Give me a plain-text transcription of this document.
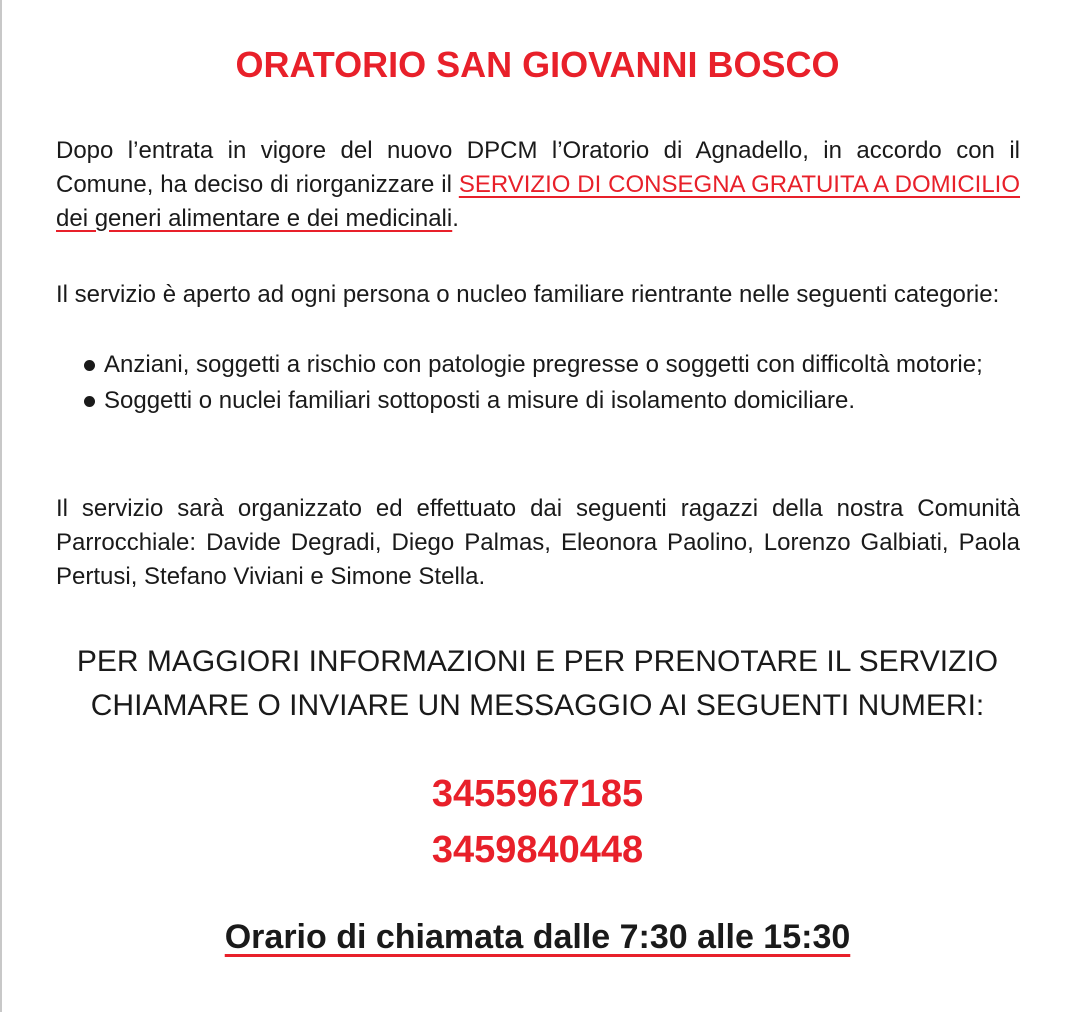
ORATORIO SAN GIOVANNI BOSCO

Dopo l’entrata in vigore del nuovo DPCM l’Oratorio di Agnadello, in accordo con il Comune, ha deciso di riorganizzare il SERVIZIO DI CONSEGNA GRATUITA A DOMICILIO dei generi alimentare e dei medicinali.

Il servizio è aperto ad ogni persona o nucleo familiare rientrante nelle seguenti categorie:

Anziani, soggetti a rischio con patologie pregresse o soggetti con difficoltà motorie;
Soggetti o nuclei familiari sottoposti a misure di isolamento domiciliare.

Il servizio sarà organizzato ed effettuato dai seguenti ragazzi della nostra Comunità Parrocchiale: Davide Degradi, Diego Palmas, Eleonora Paolino, Lorenzo Galbiati, Paola Pertusi, Stefano Viviani e Simone Stella.

PER MAGGIORI INFORMAZIONI E PER PRENOTARE IL SERVIZIO
CHIAMARE O INVIARE UN MESSAGGIO AI SEGUENTI NUMERI:
3455967185
3459840448
Orario di chiamata dalle 7:30 alle 15:30
